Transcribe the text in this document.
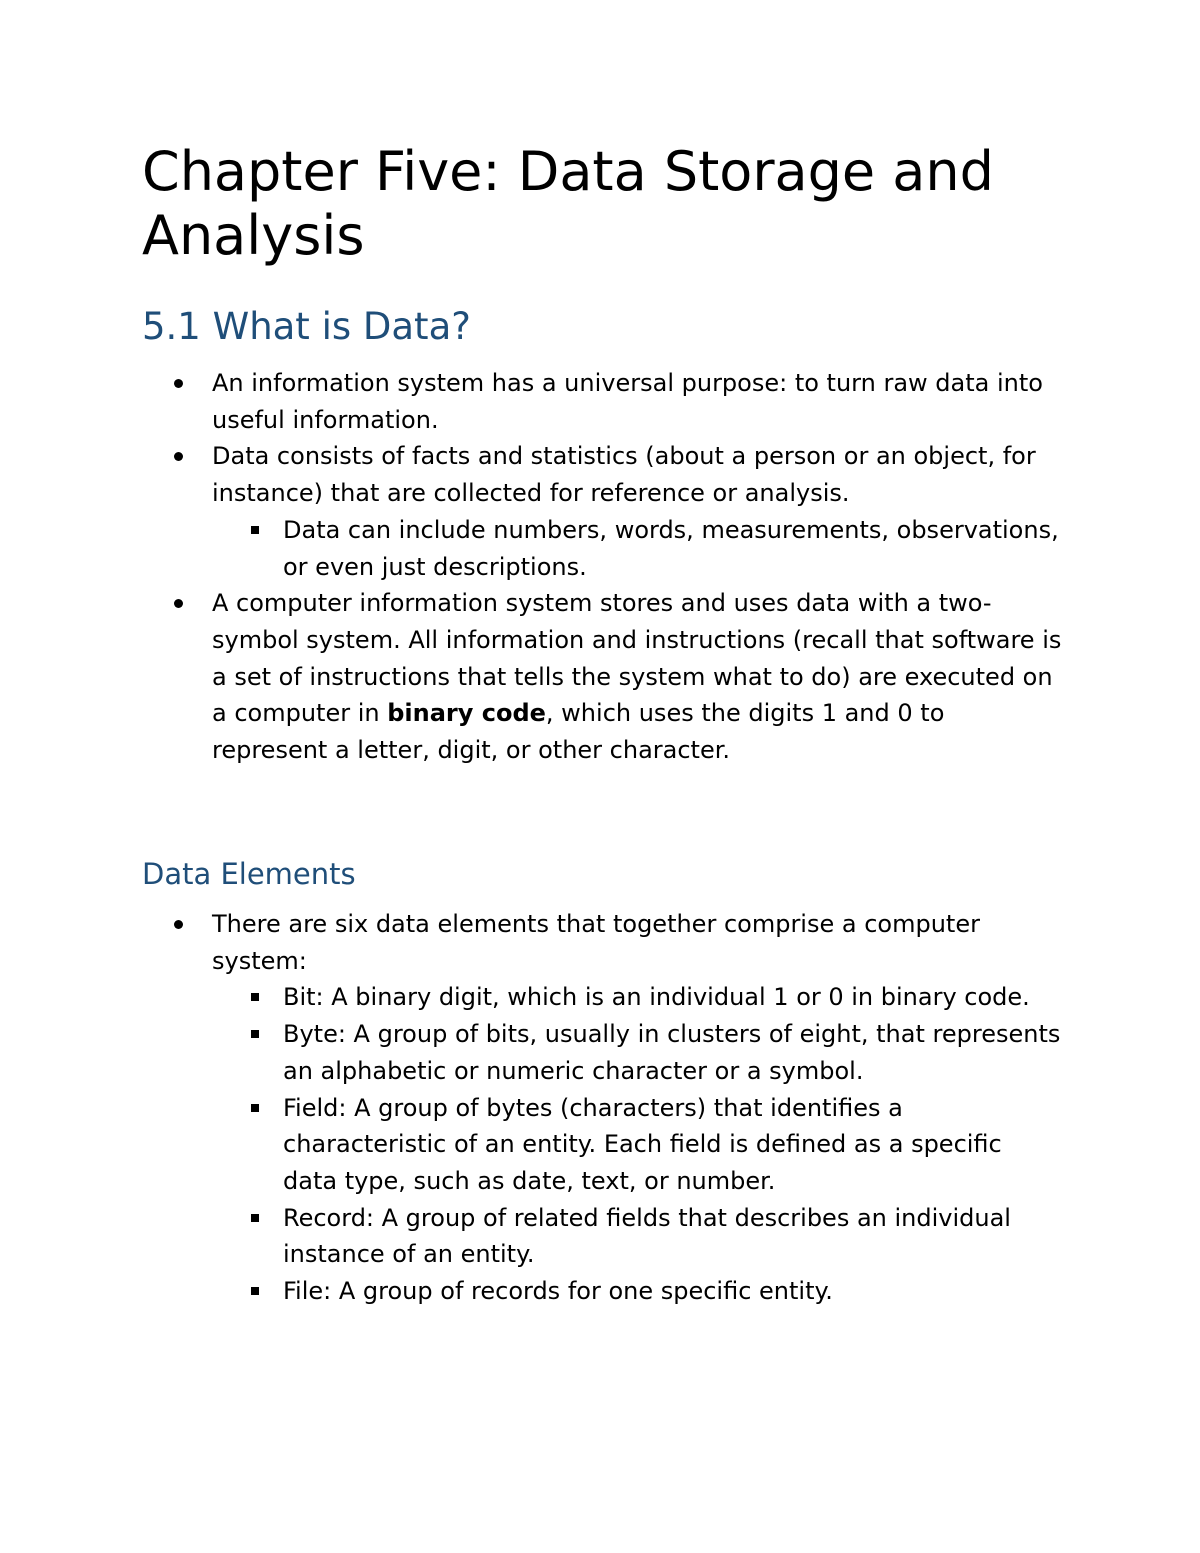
Chapter Five: Data Storage and Analysis
5.1 What is Data?
An information system has a universal purpose: to turn raw data into useful information.
Data consists of facts and statistics (about a person or an object, for instance) that are collected for reference or analysis.
Data can include numbers, words, measurements, observations, or even just descriptions.
A computer information system stores and uses data with a two-symbol system. All information and instructions (recall that software is a set of instructions that tells the system what to do) are executed on a computer in binary code, which uses the digits 1 and 0 to represent a letter, digit, or other character.
Data Elements
There are six data elements that together comprise a computer system:
Bit: A binary digit, which is an individual 1 or 0 in binary code.
Byte: A group of bits, usually in clusters of eight, that represents an alphabetic or numeric character or a symbol.
Field: A group of bytes (characters) that identifies a characteristic of an entity. Each field is defined as a specific data type, such as date, text, or number.
Record: A group of related fields that describes an individual instance of an entity.
File: A group of records for one specific entity.
